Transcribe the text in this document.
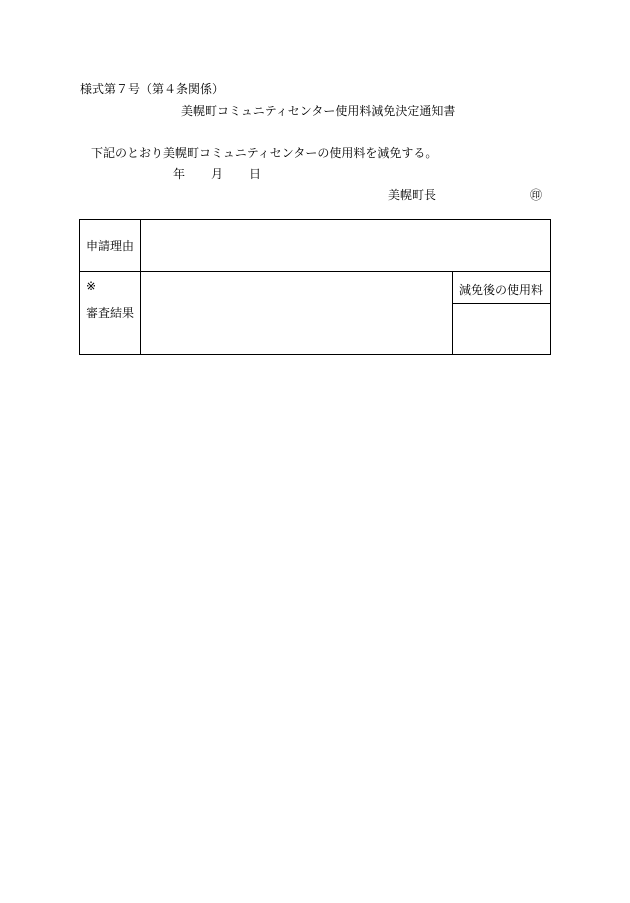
様式第７号（第４条関係）
美幌町コミュニティセンター使用料減免決定通知書
下記のとおり美幌町コミュニティセンターの使用料を減免する。
年 月 日
美幌町長	㊞
申請理由
※
審査結果
減免後の使用料
